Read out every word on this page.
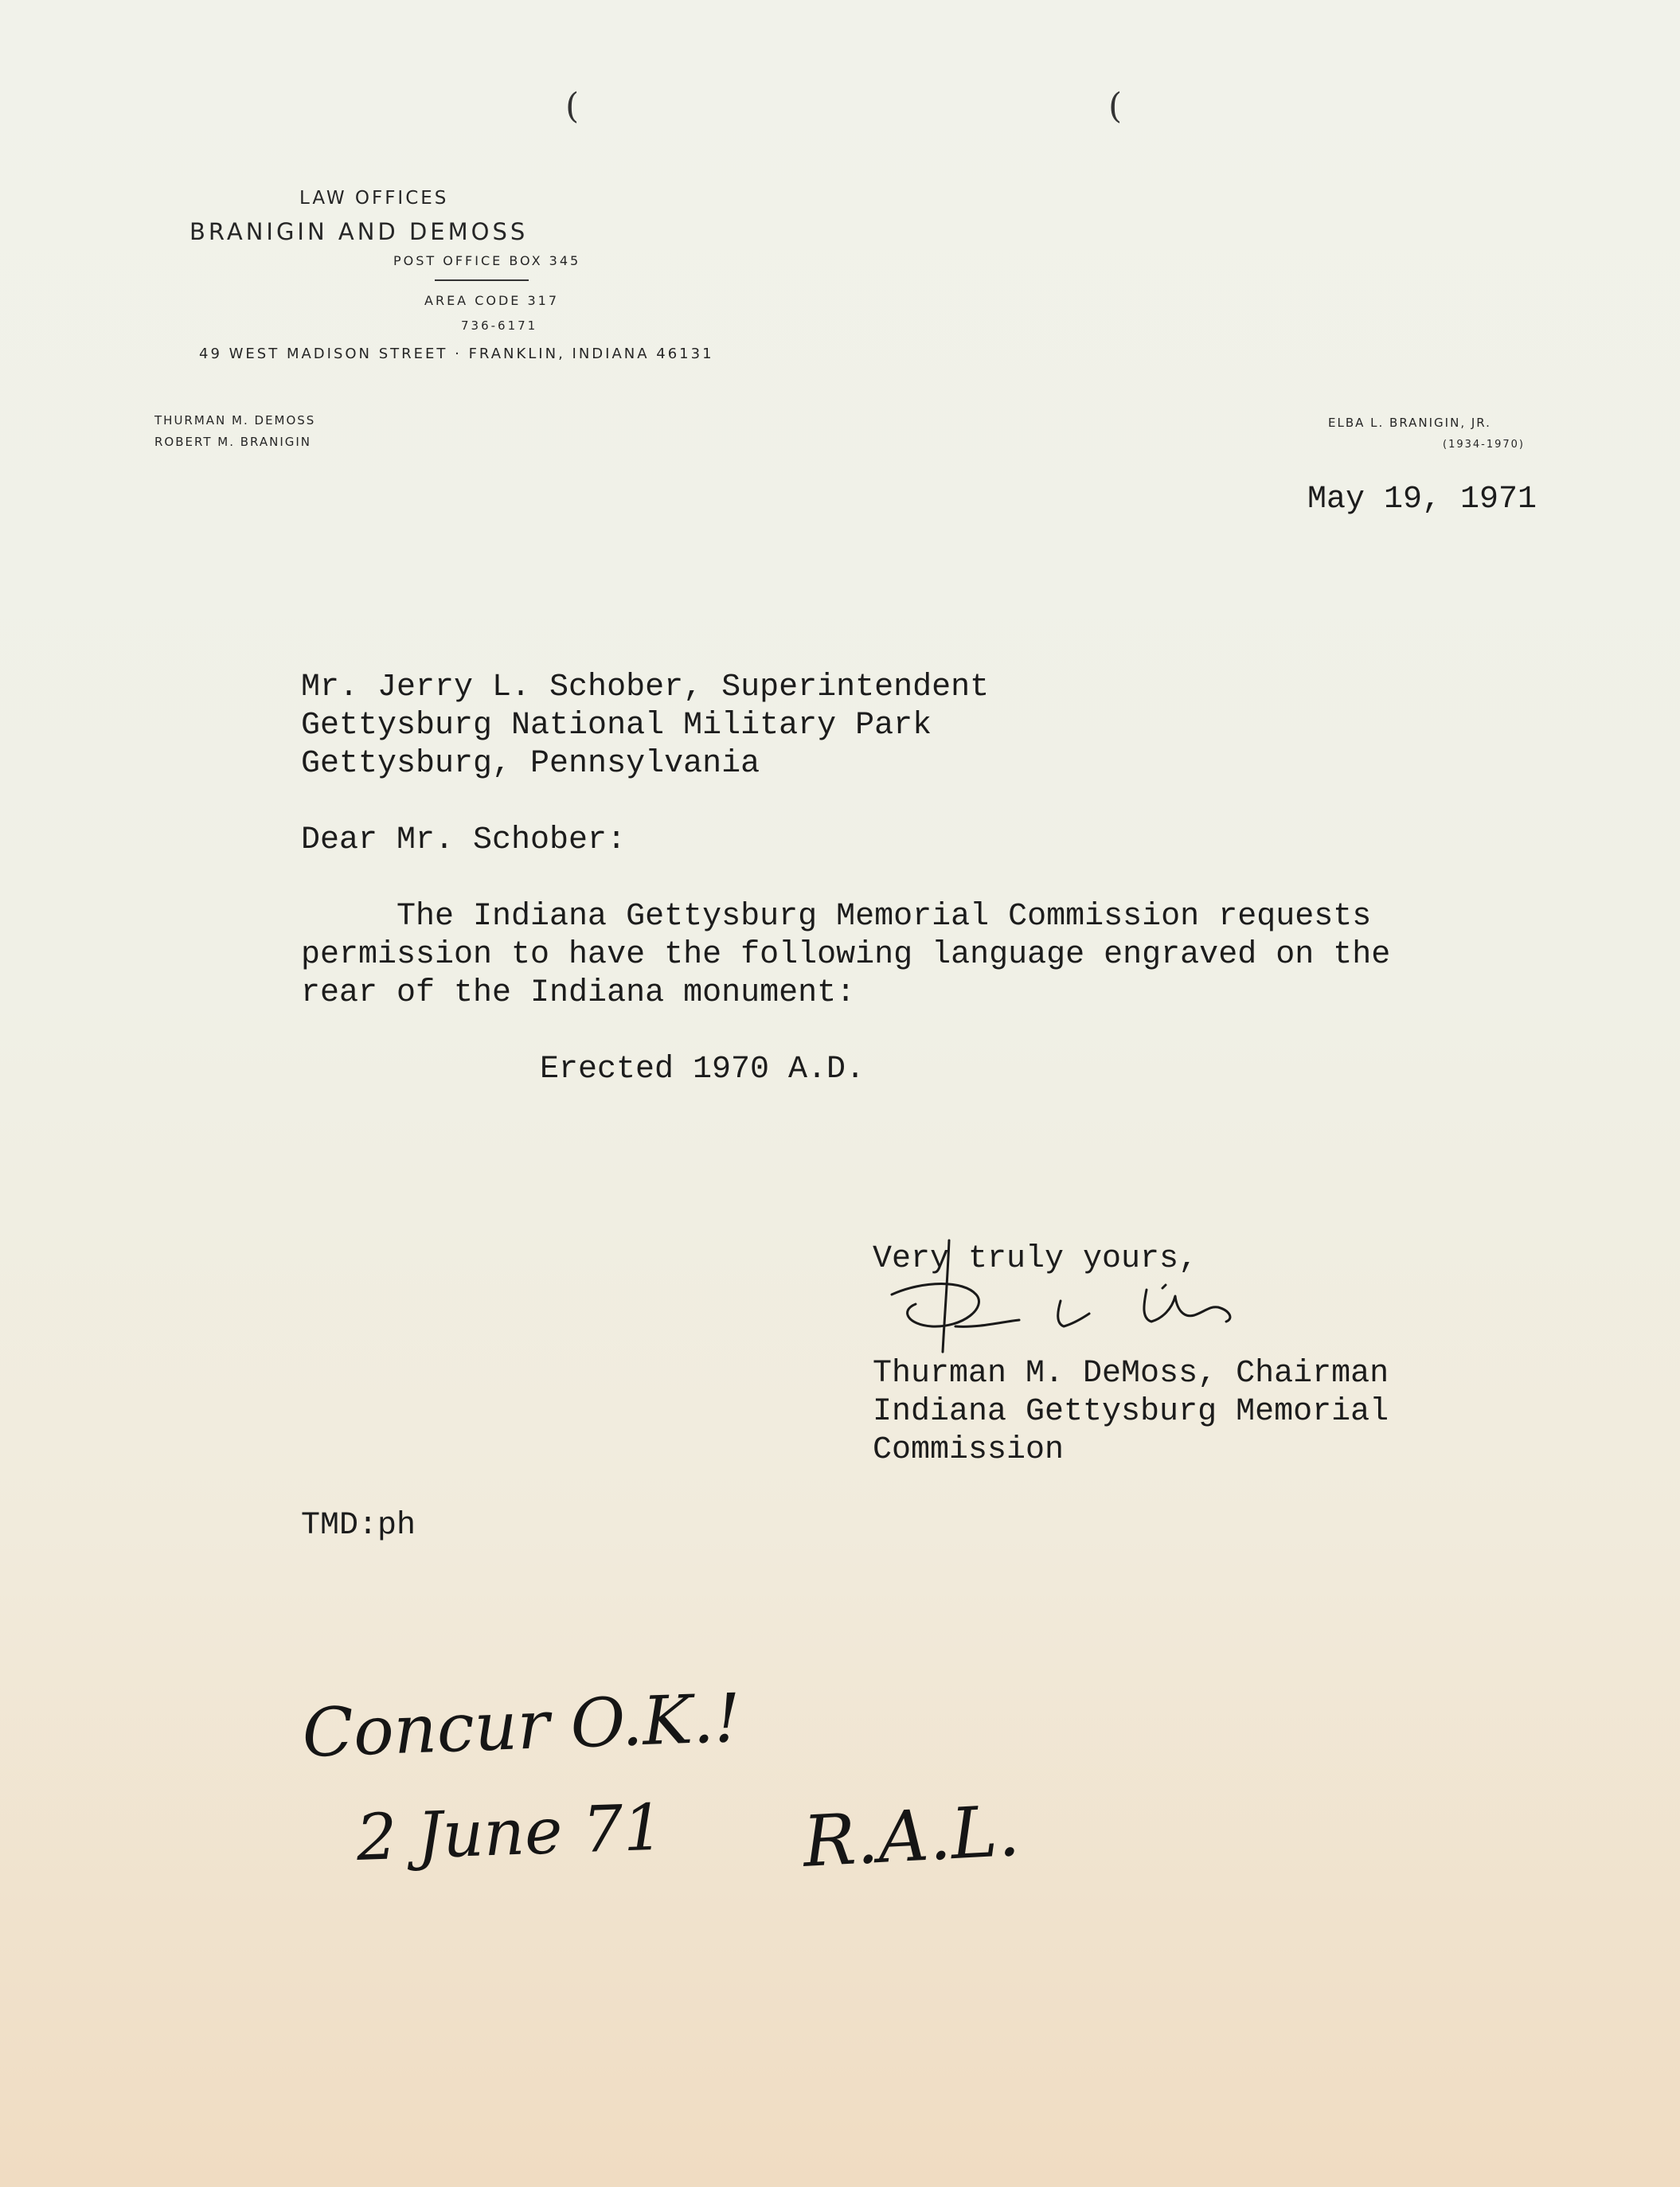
(	(
LAW OFFICES
BRANIGIN AND DEMOSS
POST OFFICE BOX 345
AREA CODE 317
736-6171
49 WEST MADISON STREET · FRANKLIN, INDIANA 46131
THURMAN M. DEMOSS
ROBERT M. BRANIGIN
ELBA L. BRANIGIN, JR.
(1934-1970)
May 19, 1971
Mr. Jerry L. Schober, Superintendent
Gettysburg National Military Park
Gettysburg, Pennsylvania
Dear Mr. Schober:
The Indiana Gettysburg Memorial Commission requests
permission to have the following language engraved on the
rear of the Indiana monument:
Erected 1970 A.D.
Very truly yours,
Thurman M. DeMoss, Chairman
Indiana Gettysburg Memorial
Commission
TMD:ph
Concur O.K.!
2 June 71 R.A.L.
